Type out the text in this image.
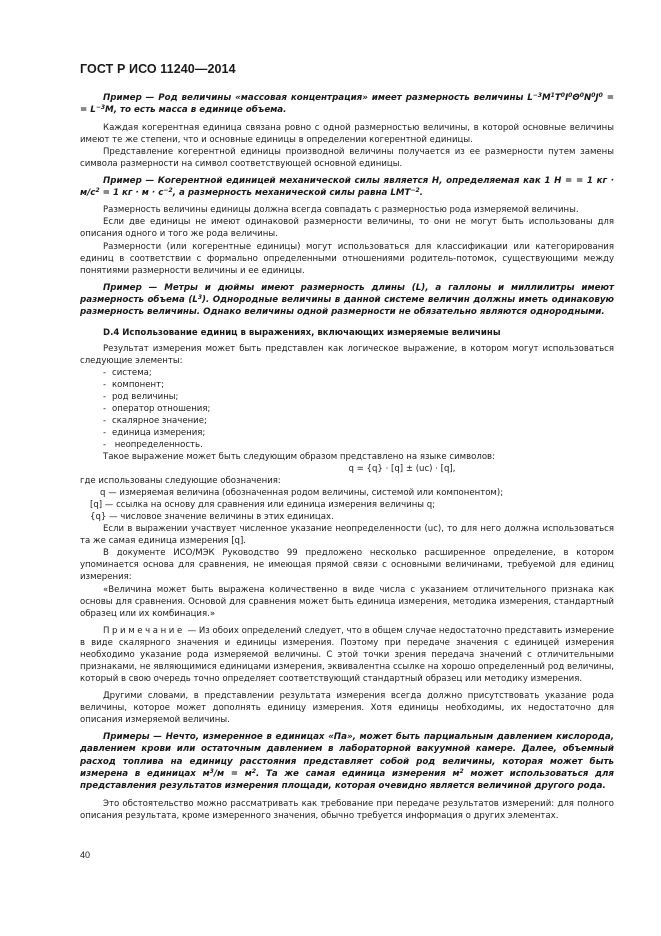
ГОСТ Р ИСО 11240—2014

Пример — Род величины «массовая концентрация» имеет размерность величины $L^{-3}M^1T^0I^0\Theta^0N^0J^0$ = = $L^{-3}M$, то есть масса в единице объема.

Каждая когерентная единица связана ровно с одной размерностью величины, в которой основные величины имеют те же степени, что и основные единицы в определении когерентной единицы.

Представление когерентной единицы производной величины получается из ее размерности путем замены символа размерности на символ соответствующей основной единицы.

Пример — Когерентной единицей механической силы является H, определяемая как 1 H = = 1 кг · $м/с^2 = 1$ кг · $м \cdot с^{-2}$, а размерность механической силы равна $LMT^{-2}$.

Размерность величины единицы должна всегда совпадать с размерностью рода измеряемой величины.

Если две единицы не имеют одинаковой размерности величины, то они не могут быть использованы для описания одного и того же рода величины.

Размерности (или когерентные единицы) могут использоваться для классификации или категорирования единиц в соответствии с формально определенными отношениями родитель-потомок, существующими между понятиями размерности величины и ее единицы.

Пример — Метры и дюймы имеют размерность длины (L), а галлоны и миллилитры имеют размерность объема $(L^3)$. Однородные величины в данной системе величин должны иметь одинаковую размерность величины. Однако величины одной размерности не обязательно являются однородными.

D.4 Использование единиц в выражениях, включающих измеряемые величины

Результат измерения может быть представлен как логическое выражение, в котором могут использоваться следующие элементы:

- система;
- компонент;
- род величины;
- оператор отношения;
- скалярное значение;
- единица измерения;
- неопределенность.

Такое выражение может быть следующим образом представлено на языке символов:

q = {q} · [q] ± (uc) · [q],

где использованы следующие обозначения:

q — измеряемая величина (обозначенная родом величины, системой или компонентом);

[q] — ссылка на основу для сравнения или единица измерения величины q;

{q} — числовое значение величины в этих единицах.

Если в выражении участвует численное указание неопределенности (uc), то для него должна использоваться та же самая единица измерения [q].

В документе ИСО/МЭК Руководство 99 предложено несколько расширенное определение, в котором упоминается основа для сравнения, не имеющая прямой связи с основными величинами, требуемой для единиц измерения:

«Величина может быть выражена количественно в виде числа с указанием отличительного признака как основы для сравнения. Основой для сравнения может быть единица измерения, методика измерения, стандартный образец или их комбинация.»

Примечание — Из обоих определений следует, что в общем случае недостаточно представить измерение в виде скалярного значения и единицы измерения. Поэтому при передаче значения с единицей измерения необходимо указание рода измеряемой величины. С этой точки зрения передача значений с отличительными признаками, не являющимися единицами измерения, эквивалентна ссылке на хорошо определенный род величины, который в свою очередь точно определяет соответствующий стандартный образец или методику измерения.

Другими словами, в представлении результата измерения всегда должно присутствовать указание рода величины, которое может дополнять единицу измерения. Хотя единицы необходимы, их недостаточно для описания измеряемой величины.

Примеры — Нечто, измеренное в единицах «Па», может быть парциальным давлением кислорода, давлением крови или остаточным давлением в лабораторной вакуумной камере. Далее, объемный расход топлива на единицу расстояния представляет собой род величины, которая может быть измерена в единицах $м^3/м = м^2$. Та же самая единица измерения $м^2$ может использоваться для представления результатов измерения площади, которая очевидно является величиной другого рода.

Это обстоятельство можно рассматривать как требование при передаче результатов измерений: для полного описания результата, кроме измеренного значения, обычно требуется информация о других элементах.

40
